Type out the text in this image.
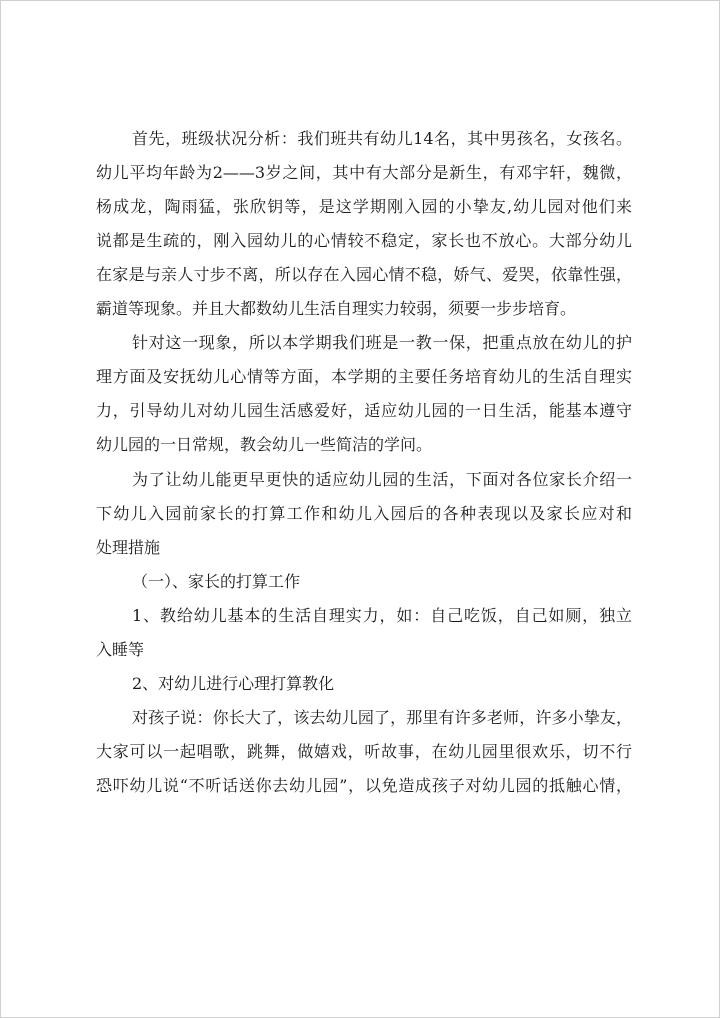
首先，班级状况分析：我们班共有幼儿14名，其中男孩名，女孩名。
幼儿平均年龄为2——3岁之间，其中有大部分是新生，有邓宇轩，魏微，
杨成龙，陶雨猛，张欣钥等，是这学期刚入园的小挚友,幼儿园对他们来
说都是生疏的，刚入园幼儿的心情较不稳定，家长也不放心。大部分幼儿
在家是与亲人寸步不离，所以存在入园心情不稳，娇气、爱哭，依靠性强，
霸道等现象。并且大都数幼儿生活自理实力较弱，须要一步步培育。
针对这一现象，所以本学期我们班是一教一保，把重点放在幼儿的护
理方面及安抚幼儿心情等方面，本学期的主要任务培育幼儿的生活自理实
力，引导幼儿对幼儿园生活感爱好，适应幼儿园的一日生活，能基本遵守
幼儿园的一日常规，教会幼儿一些简洁的学问。
为了让幼儿能更早更快的适应幼儿园的生活，下面对各位家长介绍一
下幼儿入园前家长的打算工作和幼儿入园后的各种表现以及家长应对和
处理措施
（一）、家长的打算工作
1、教给幼儿基本的生活自理实力，如：自己吃饭，自己如厕，独立
入睡等
2、对幼儿进行心理打算教化
对孩子说：你长大了，该去幼儿园了，那里有许多老师，许多小挚友，
大家可以一起唱歌，跳舞，做嬉戏，听故事，在幼儿园里很欢乐，切不行
恐吓幼儿说“不听话送你去幼儿园”，以免造成孩子对幼儿园的抵触心情，
